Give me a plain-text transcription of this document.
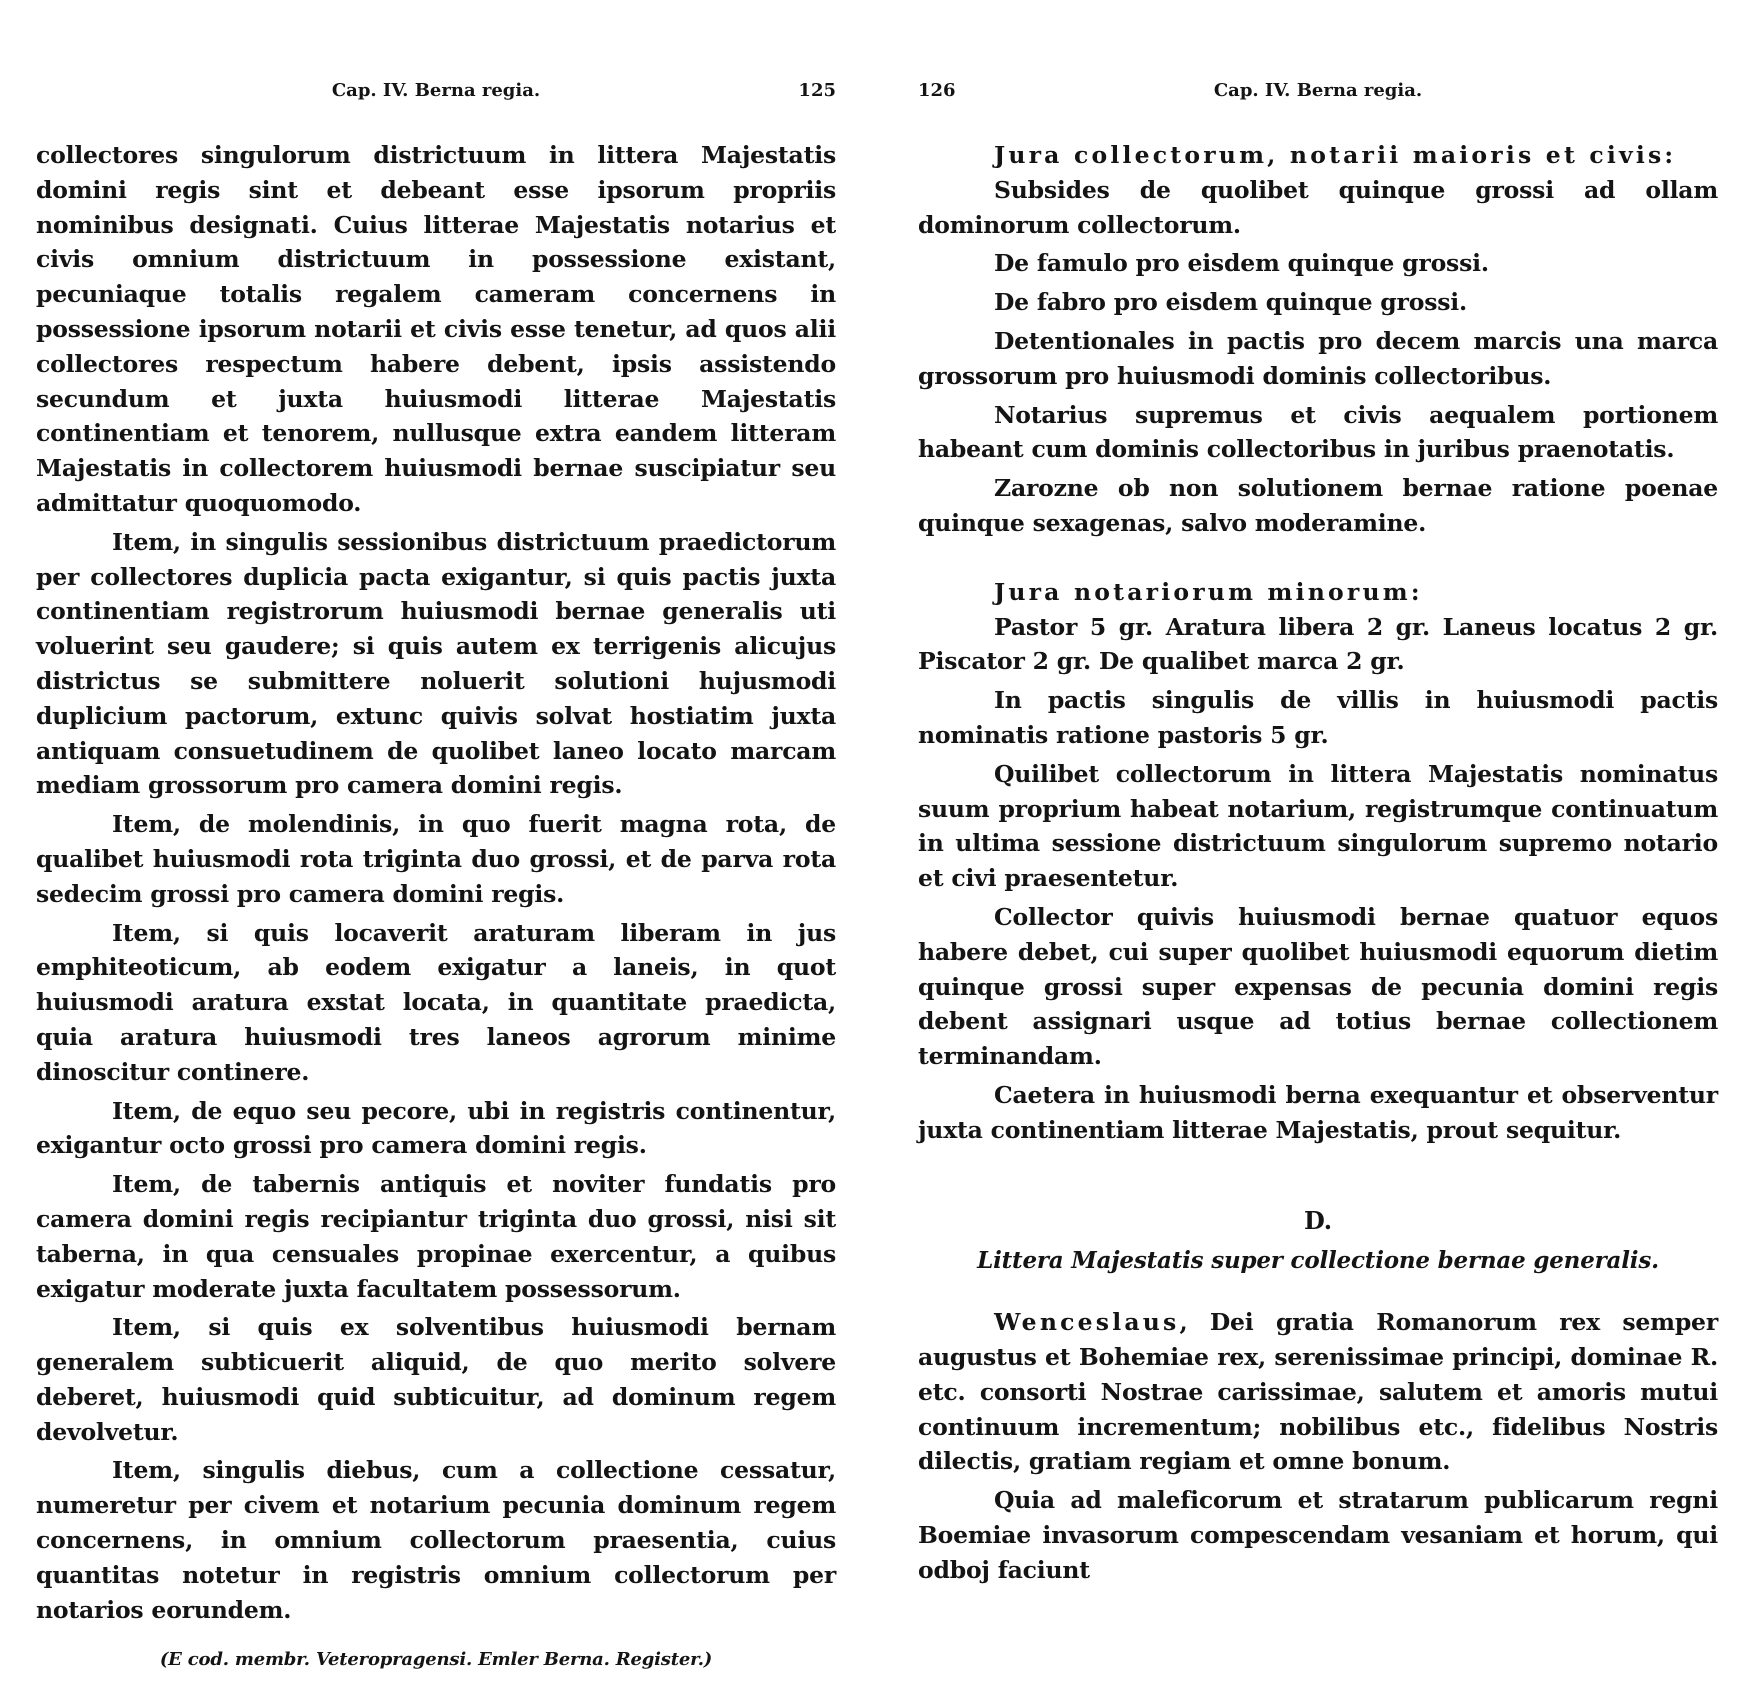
Cap. IV. Berna regia.	125

collectores singulorum districtuum in littera Majestatis domini regis sint et debeant esse ipsorum propriis nominibus designati. Cuius litterae Majestatis notarius et civis omnium districtuum in possessione existant, pecuniaque totalis regalem cameram concernens in possessione ipsorum notarii et civis esse tenetur, ad quos alii collectores respectum habere debent, ipsis assistendo secundum et juxta huiusmodi litterae Majestatis continentiam et tenorem, nullusque extra eandem litteram Majestatis in collectorem huiusmodi bernae suscipiatur seu admittatur quoquomodo.

Item, in singulis sessionibus districtuum praedictorum per collectores duplicia pacta exigantur, si quis pactis juxta continentiam registrorum huiusmodi bernae generalis uti voluerint seu gaudere; si quis autem ex terrigenis alicujus districtus se submittere noluerit solutioni hujusmodi duplicium pactorum, extunc quivis solvat hostiatim juxta antiquam consuetudinem de quolibet laneo locato marcam mediam grossorum pro camera domini regis.

Item, de molendinis, in quo fuerit magna rota, de qualibet huiusmodi rota triginta duo grossi, et de parva rota sedecim grossi pro camera domini regis.

Item, si quis locaverit araturam liberam in jus emphiteoticum, ab eodem exigatur a laneis, in quot huiusmodi aratura exstat locata, in quantitate praedicta, quia aratura huiusmodi tres laneos agrorum minime dinoscitur continere.

Item, de equo seu pecore, ubi in registris continentur, exigantur octo grossi pro camera domini regis.

Item, de tabernis antiquis et noviter fundatis pro camera domini regis recipiantur triginta duo grossi, nisi sit taberna, in qua censuales propinae exercentur, a quibus exigatur moderate juxta facultatem possessorum.

Item, si quis ex solventibus huiusmodi bernam generalem subticuerit aliquid, de quo merito solvere deberet, huiusmodi quid subticuitur, ad dominum regem devolvetur.

Item, singulis diebus, cum a collectione cessatur, numeretur per civem et notarium pecunia dominum regem concernens, in omnium collectorum praesentia, cuius quantitas notetur in registris omnium collectorum per notarios eorundem.

(E cod. membr. Veteropragensi. Emler Berna. Register.)

126	Cap. IV. Berna regia.

Jura collectorum, notarii maioris et civis:

Subsides de quolibet quinque grossi ad ollam dominorum collectorum.

De famulo pro eisdem quinque grossi.

De fabro pro eisdem quinque grossi.

Detentionales in pactis pro decem marcis una marca grossorum pro huiusmodi dominis collectoribus.

Notarius supremus et civis aequalem portionem habeant cum dominis collectoribus in juribus praenotatis.

Zarozne ob non solutionem bernae ratione poenae quinque sexagenas, salvo moderamine.

Jura notariorum minorum:

Pastor 5 gr. Aratura libera 2 gr. Laneus locatus 2 gr. Piscator 2 gr. De qualibet marca 2 gr.

In pactis singulis de villis in huiusmodi pactis nominatis ratione pastoris 5 gr.

Quilibet collectorum in littera Majestatis nominatus suum proprium habeat notarium, registrumque continuatum in ultima sessione districtuum singulorum supremo notario et civi praesentetur.

Collector quivis huiusmodi bernae quatuor equos habere debet, cui super quolibet huiusmodi equorum dietim quinque grossi super expensas de pecunia domini regis debent assignari usque ad totius bernae collectionem terminandam.

Caetera in huiusmodi berna exequantur et observentur juxta continentiam litterae Majestatis, prout sequitur.

D.
Littera Majestatis super collectione bernae generalis.

Wenceslaus, Dei gratia Romanorum rex semper augustus et Bohemiae rex, serenissimae principi, dominae R. etc. consorti Nostrae carissimae, salutem et amoris mutui continuum incrementum; nobilibus etc., fidelibus Nostris dilectis, gratiam regiam et omne bonum.

Quia ad maleficorum et stratarum publicarum regni Boemiae invasorum compescendam vesaniam et horum, qui odboj faciunt
